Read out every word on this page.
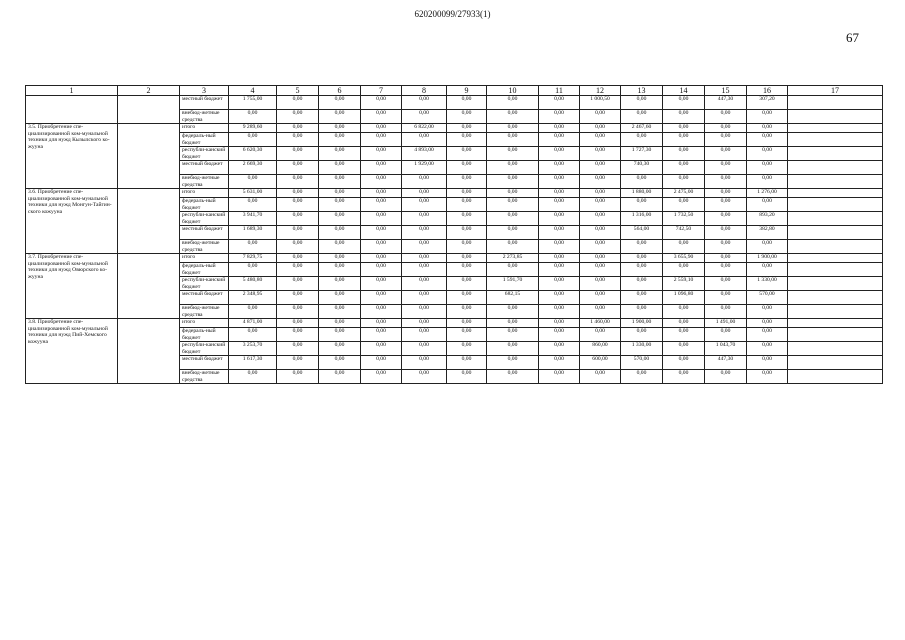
620200099/27933(1)
67
1	2	3	4	5	6	7	8	9	10	11	12	13	14	15	16	17
		местный бюджет	1 755,00	0,00	0,00	0,00	0,00	0,00	0,00	0,00	1 000,50	0,00	0,00	447,30	307,20	
		внебюд-жетные средства	0,00	0,00	0,00	0,00	0,00	0,00	0,00	0,00	0,00	0,00	0,00	0,00	0,00	
3.5. Приобретение спе-циализированной ком-мунальной техники для нужд Кызылского ко-жууна		итого	9 289,60	0,00	0,00	0,00	6 822,00	0,00	0,00	0,00	0,00	2 467,60	0,00	0,00	0,00	
		федераль-ный бюджет	0,00	0,00	0,00	0,00	0,00	0,00	0,00	0,00	0,00	0,00	0,00	0,00	0,00	
		республи-канский бюджет	6 620,30	0,00	0,00	0,00	4 893,00	0,00	0,00	0,00	0,00	1 727,30	0,00	0,00	0,00	
		местный бюджет	2 669,30	0,00	0,00	0,00	1 929,00	0,00	0,00	0,00	0,00	740,30	0,00	0,00	0,00	
		внебюд-жетные средства	0,00	0,00	0,00	0,00	0,00	0,00	0,00	0,00	0,00	0,00	0,00	0,00	0,00	
3.6. Приобретение спе-циализированной ком-мунальной техники для нужд Монгун-Тайгин-ского кожууна		итого	5 631,00	0,00	0,00	0,00	0,00	0,00	0,00	0,00	0,00	1 880,00	2 475,00	0,00	1 276,00	
		федераль-ный бюджет	0,00	0,00	0,00	0,00	0,00	0,00	0,00	0,00	0,00	0,00	0,00	0,00	0,00	
		республи-канский бюджет	3 941,70	0,00	0,00	0,00	0,00	0,00	0,00	0,00	0,00	1 316,00	1 732,50	0,00	893,20	
		местный бюджет	1 689,30	0,00	0,00	0,00	0,00	0,00	0,00	0,00	0,00	564,00	742,50	0,00	382,80	
		внебюд-жетные средства	0,00	0,00	0,00	0,00	0,00	0,00	0,00	0,00	0,00	0,00	0,00	0,00	0,00	
3.7. Приобретение спе-циализированной ком-мунальной техники для нужд Овюрского ко-жууна		итого	7 829,75	0,00	0,00	0,00	0,00	0,00	2 273,85	0,00	0,00	0,00	3 655,90	0,00	1 900,00	
		федераль-ный бюджет	0,00	0,00	0,00	0,00	0,00	0,00	0,00	0,00	0,00	0,00	0,00	0,00	0,00	
		республи-канский бюджет	5 480,80	0,00	0,00	0,00	0,00	0,00	1 591,70	0,00	0,00	0,00	2 559,10	0,00	1 330,00	
		местный бюджет	2 348,95	0,00	0,00	0,00	0,00	0,00	682,15	0,00	0,00	0,00	1 096,80	0,00	570,00	
		внебюд-жетные средства	0,00	0,00	0,00	0,00	0,00	0,00	0,00	0,00	0,00	0,00	0,00	0,00	0,00	
3.8. Приобретение спе-циализированной ком-мунальной техники для нужд Пий-Хемского кожууна		итого	4 871,00	0,00	0,00	0,00	0,00	0,00	0,00	0,00	1 460,00	1 900,00	0,00	1 491,00	0,00	
		федераль-ный бюджет	0,00	0,00	0,00	0,00	0,00	0,00	0,00	0,00	0,00	0,00	0,00	0,00	0,00	
		республи-канский бюджет	3 253,70	0,00	0,00	0,00	0,00	0,00	0,00	0,00	860,00	1 330,00	0,00	1 043,70	0,00	
		местный бюджет	1 617,30	0,00	0,00	0,00	0,00	0,00	0,00	0,00	600,00	570,00	0,00	447,30	0,00	
		внебюд-жетные средства	0,00	0,00	0,00	0,00	0,00	0,00	0,00	0,00	0,00	0,00	0,00	0,00	0,00	
